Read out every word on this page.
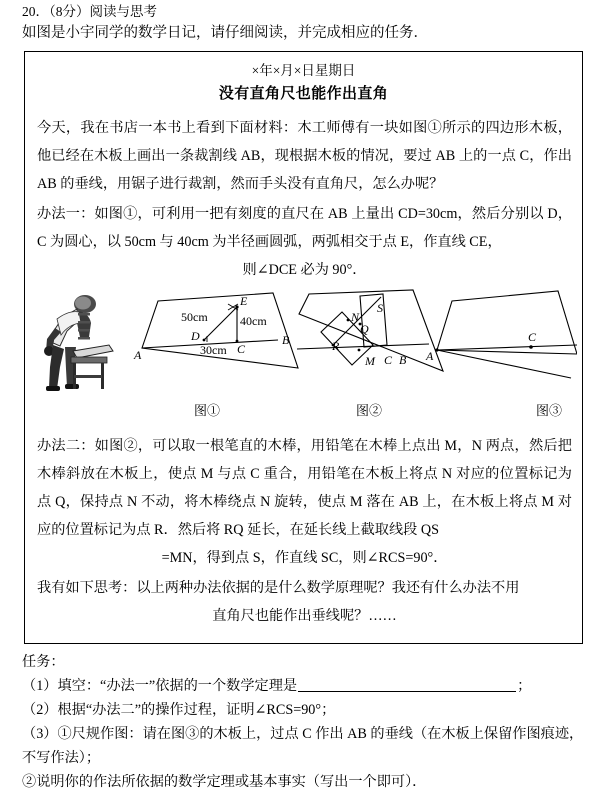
20．（8分）阅读与思考
如图是小宇同学的数学日记，请仔细阅读，并完成相应的任务．
×年×月×日星期日
没有直角尺也能作出直角
今天，我在书店一本书上看到下面材料：木工师傅有一块如图①所示的四边形木板，他已经在木板上画出一条裁割线 AB，现根据木板的情况，要过 AB 上的一点 C，作出 AB 的垂线，用锯子进行裁割，然而手头没有直角尺，怎么办呢？
办法一：如图①，可利用一把有刻度的直尺在 AB 上量出 CD=30cm，然后分别以 D，C 为圆心，以 50cm 与 40cm 为半径画圆弧，两弧相交于点 E，作直线 CE，
则∠DCE 必为 90°．
A
B
C
D
E
50cm	40cm
30cm
图①
S
N
Q
R
M C B
图②
A
C
图③
办法二：如图②，可以取一根笔直的木棒，用铅笔在木棒上点出 M，N 两点，然后把木棒斜放在木板上，使点 M 与点 C 重合，用铅笔在木板上将点 N 对应的位置标记为点 Q，保持点 N 不动，将木棒绕点 N 旋转，使点 M 落在 AB 上，在木板上将点 M 对应的位置标记为点 R．然后将 RQ 延长，在延长线上截取线段 QS
=MN，得到点 S，作直线 SC，则∠RCS=90°．
我有如下思考：以上两种办法依据的是什么数学原理呢？我还有什么办法不用
直角尺也能作出垂线呢？……
任务：
（1）填空：“办法一”依据的一个数学定理是	；
（2）根据“办法二”的操作过程，证明∠RCS=90°；
（3）①尺规作图：请在图③的木板上，过点 C 作出 AB 的垂线（在木板上保留作图痕迹，不写作法）；
②说明你的作法所依据的数学定理或基本事实（写出一个即可）．
